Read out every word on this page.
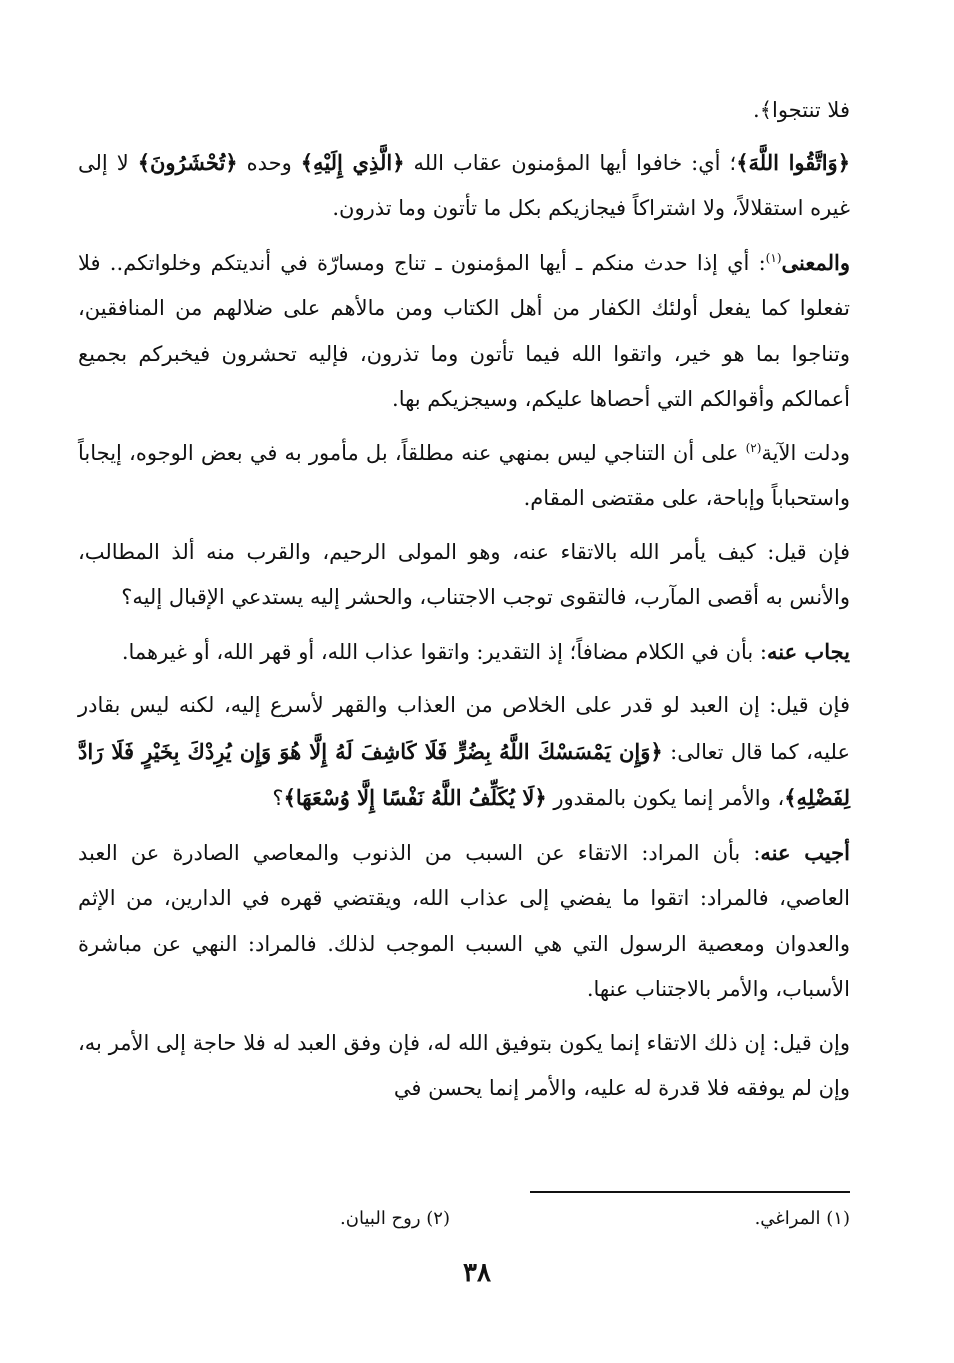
فلا تنتجوا﴾.

﴿وَاتَّقُوا اللَّهَ﴾؛ أي: خافوا أيها المؤمنون عقاب الله ﴿الَّذِي إِلَيْهِ﴾ وحده ﴿تُحْشَرُونَ﴾ لا إلى غيره استقلالاً، ولا اشتراكاً فيجازيكم بكل ما تأتون وما تذرون.

والمعنى$^{(١)}$: أي إذا حدث منكم ـ أيها المؤمنون ـ تناج ومسارّة في أنديتكم وخلواتكم.. فلا تفعلوا كما يفعل أولئك الكفار من أهل الكتاب ومن مالأهم على ضلالهم من المنافقين، وتناجوا بما هو خير، واتقوا الله فيما تأتون وما تذرون، فإليه تحشرون فيخبركم بجميع أعمالكم وأقوالكم التي أحصاها عليكم، وسيجزيكم بها.

ودلت الآية$^{(٢)}$ على أن التناجي ليس بمنهي عنه مطلقاً، بل مأمور به في بعض الوجوه، إيجاباً واستحباباً وإباحة، على مقتضى المقام.

فإن قيل: كيف يأمر الله بالاتقاء عنه، وهو المولى الرحيم، والقرب منه ألذ المطالب، والأنس به أقصى المآرب، فالتقوى توجب الاجتناب، والحشر إليه يستدعي الإقبال إليه؟

يجاب عنه: بأن في الكلام مضافاً؛ إذ التقدير: واتقوا عذاب الله، أو قهر الله، أو غيرهما.

فإن قيل: إن العبد لو قدر على الخلاص من العذاب والقهر لأسرع إليه، لكنه ليس بقادر عليه، كما قال تعالى: ﴿وَإِن يَمْسَسْكَ اللَّهُ بِضُرٍّ فَلَا كَاشِفَ لَهُ إِلَّا هُوَ وَإِن يُرِدْكَ بِخَيْرٍ فَلَا رَادَّ لِفَضْلِهِ﴾، والأمر إنما يكون بالمقدور ﴿لَا يُكَلِّفُ اللَّهُ نَفْسًا إِلَّا وُسْعَهَا﴾؟

أجيب عنه: بأن المراد: الاتقاء عن السبب من الذنوب والمعاصي الصادرة عن العبد العاصي، فالمراد: اتقوا ما يفضي إلى عذاب الله، ويقتضي قهره في الدارين، من الإثم والعدوان ومعصية الرسول التي هي السبب الموجب لذلك. فالمراد: النهي عن مباشرة الأسباب، والأمر بالاجتناب عنها.

وإن قيل: إن ذلك الاتقاء إنما يكون بتوفيق الله له، فإن وفق العبد له فلا حاجة إلى الأمر به، وإن لم يوفقه فلا قدرة له عليه، والأمر إنما يحسن في

(١) المراغي.
(٢) روح البيان.
٣٨
